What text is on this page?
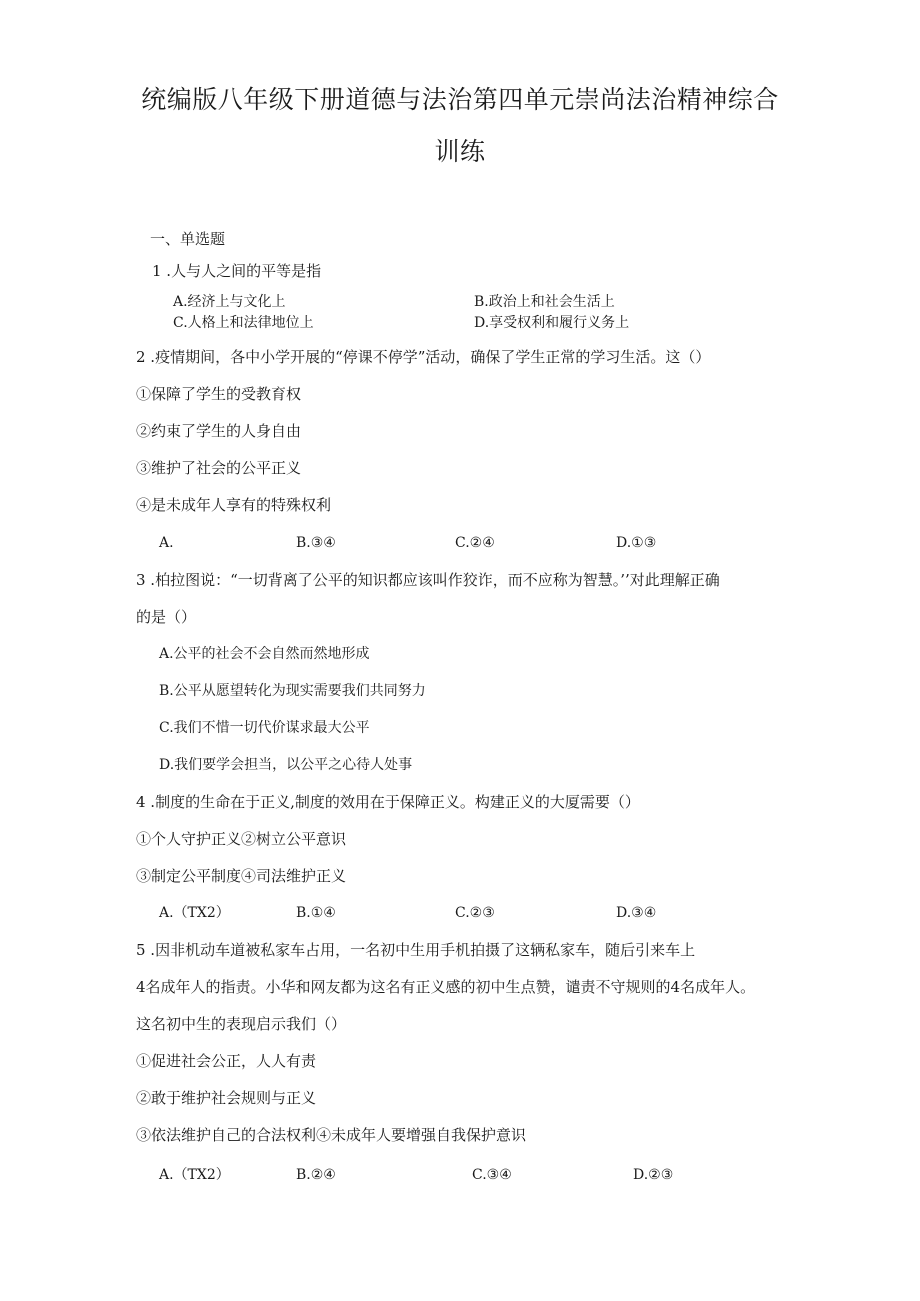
统编版八年级下册道德与法治第四单元崇尚法治精神综合
训练
一、单选题
1 .人与人之间的平等是指
A.经济上与文化上	B.政治上和社会生活上
C.人格上和法律地位上	D.享受权利和履行义务上
2 .疫情期间，各中小学开展的“停课不停学”活动，确保了学生正常的学习生活。这（）
①保障了学生的受教育权
②约束了学生的人身自由
③维护了社会的公平正义
④是未成年人享有的特殊权利
A.	B.③④	C.②④	D.①③
3 .柏拉图说：“一切背离了公平的知识都应该叫作狡诈，而不应称为智慧。’’对此理解正确
的是（）
A.公平的社会不会自然而然地形成
B.公平从愿望转化为现实需要我们共同努力
C.我们不惜一切代价谋求最大公平
D.我们要学会担当，以公平之心待人处事
4 .制度的生命在于正义,制度的效用在于保障正义。构建正义的大厦需要（）
①个人守护正义②树立公平意识
③制定公平制度④司法维护正义
A.（TX2）	B.①④	C.②③	D.③④
5 .因非机动车道被私家车占用，一名初中生用手机拍摄了这辆私家车，随后引来车上
4名成年人的指责。小华和网友都为这名有正义感的初中生点赞，谴责不守规则的4名成年人。
这名初中生的表现启示我们（）
①促进社会公正，人人有责
②敢于维护社会规则与正义
③依法维护自己的合法权利④未成年人要增强自我保护意识
A.（TX2）	B.②④	C.③④	D.②③
